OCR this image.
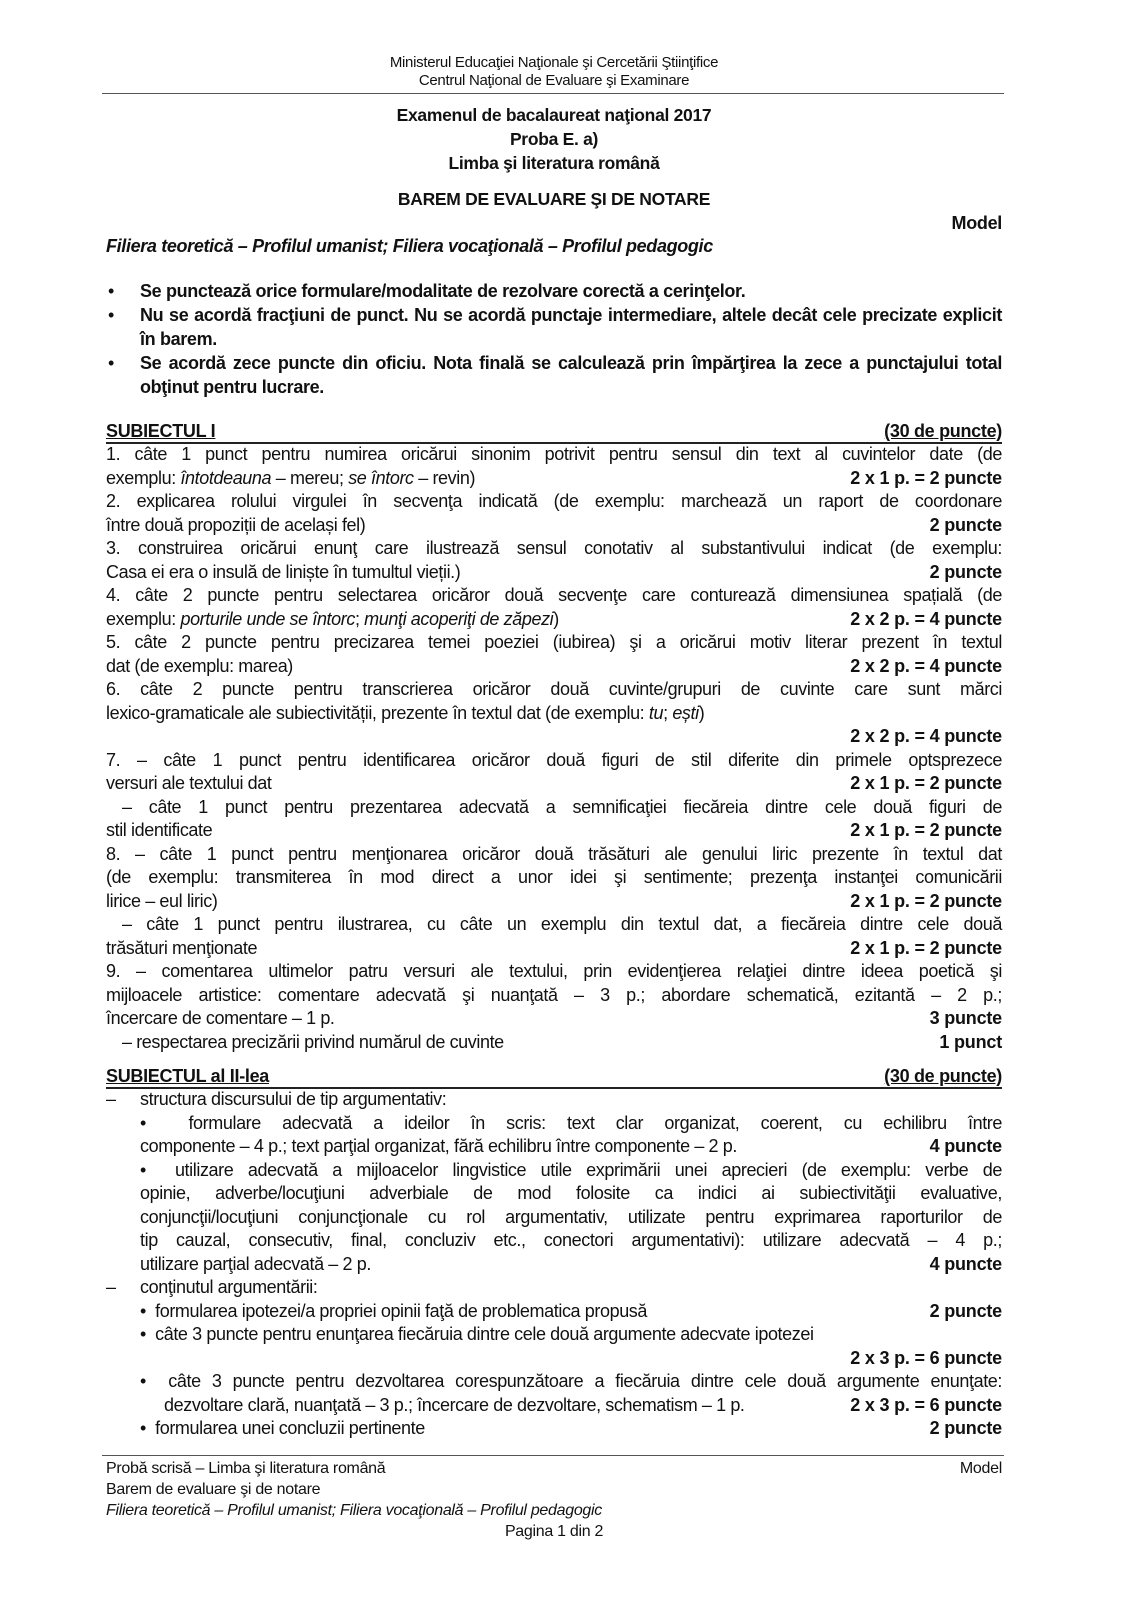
Ministerul Educaţiei Naţionale şi Cercetării Ştiinţifice
Centrul Naţional de Evaluare şi Examinare
Examenul de bacalaureat naţional 2017
Proba E. a)
Limba şi literatura română
BAREM DE EVALUARE ŞI DE NOTARE
Model
Filiera teoretică – Profilul umanist; Filiera vocaţională – Profilul pedagogic
• Se punctează orice formulare/modalitate de rezolvare corectă a cerinţelor.
• Nu se acordă fracţiuni de punct. Nu se acordă punctaje intermediare, altele decât cele precizate explicit în barem.
• Se acordă zece puncte din oficiu. Nota finală se calculează prin împărţirea la zece a punctajului total obţinut pentru lucrare.
SUBIECTUL I	(30 de puncte)
1. câte 1 punct pentru numirea oricărui sinonim potrivit pentru sensul din text al cuvintelor date (de
exemplu: întotdeauna – mereu; se întorc – revin)	2 x 1 p. = 2 puncte
2. explicarea rolului virgulei în secvenţa indicată (de exemplu: marchează un raport de coordonare
între două propoziții de același fel)	2 puncte
3. construirea oricărui enunţ care ilustrează sensul conotativ al substantivului indicat (de exemplu:
Casa ei era o insulă de liniște în tumultul vieții.)	2 puncte
4. câte 2 puncte pentru selectarea oricăror două secvenţe care conturează dimensiunea spațială (de
exemplu: porturile unde se întorc; munţi acoperiţi de zăpezi)	2 x 2 p. = 4 puncte
5. câte 2 puncte pentru precizarea temei poeziei (iubirea) şi a oricărui motiv literar prezent în textul
dat (de exemplu: marea)	2 x 2 p. = 4 puncte
6. câte 2 puncte pentru transcrierea oricăror două cuvinte/grupuri de cuvinte care sunt mărci
lexico-gramaticale ale subiectivității, prezente în textul dat (de exemplu: tu; ești)
2 x 2 p. = 4 puncte
7. – câte 1 punct pentru identificarea oricăror două figuri de stil diferite din primele optsprezece
versuri ale textului dat	2 x 1 p. = 2 puncte
– câte 1 punct pentru prezentarea adecvată a semnificaţiei fiecăreia dintre cele două figuri de
stil identificate	2 x 1 p. = 2 puncte
8. – câte 1 punct pentru menţionarea oricăror două trăsături ale genului liric prezente în textul dat
(de exemplu: transmiterea în mod direct a unor idei şi sentimente; prezenţa instanţei comunicării
lirice – eul liric)	2 x 1 p. = 2 puncte
– câte 1 punct pentru ilustrarea, cu câte un exemplu din textul dat, a fiecăreia dintre cele două
trăsături menţionate	2 x 1 p. = 2 puncte
9. – comentarea ultimelor patru versuri ale textului, prin evidenţierea relaţiei dintre ideea poetică şi
mijloacele artistice: comentare adecvată şi nuanţată – 3 p.; abordare schematică, ezitantă – 2 p.;
încercare de comentare – 1 p.	3 puncte
– respectarea precizării privind numărul de cuvinte	1 punct
SUBIECTUL al II-lea	(30 de puncte)
– structura discursului de tip argumentativ:
•  formulare adecvată a ideilor în scris: text clar organizat, coerent, cu echilibru între
componente – 4 p.; text parţial organizat, fără echilibru între componente – 2 p.	4 puncte
•  utilizare adecvată a mijloacelor lingvistice utile exprimării unei aprecieri (de exemplu: verbe de
opinie, adverbe/locuţiuni adverbiale de mod folosite ca indici ai subiectivităţii evaluative,
conjuncţii/locuţiuni conjuncţionale cu rol argumentativ, utilizate pentru exprimarea raporturilor de
tip cauzal, consecutiv, final, concluziv etc., conectori argumentativi): utilizare adecvată – 4 p.;
utilizare parţial adecvată – 2 p.	4 puncte
– conţinutul argumentării:
•  formularea ipotezei/a propriei opinii faţă de problematica propusă	2 puncte
•  câte 3 puncte pentru enunţarea fiecăruia dintre cele două argumente adecvate ipotezei
2 x 3 p. = 6 puncte
•  câte 3 puncte pentru dezvoltarea corespunzătoare a fiecăruia dintre cele două argumente enunţate:
dezvoltare clară, nuanţată – 3 p.; încercare de dezvoltare, schematism – 1 p.	2 x 3 p. = 6 puncte
•  formularea unei concluzii pertinente	2 puncte
Probă scrisă – Limba şi literatura română	Model
Barem de evaluare şi de notare
Filiera teoretică – Profilul umanist; Filiera vocaţională – Profilul pedagogic
Pagina 1 din 2
